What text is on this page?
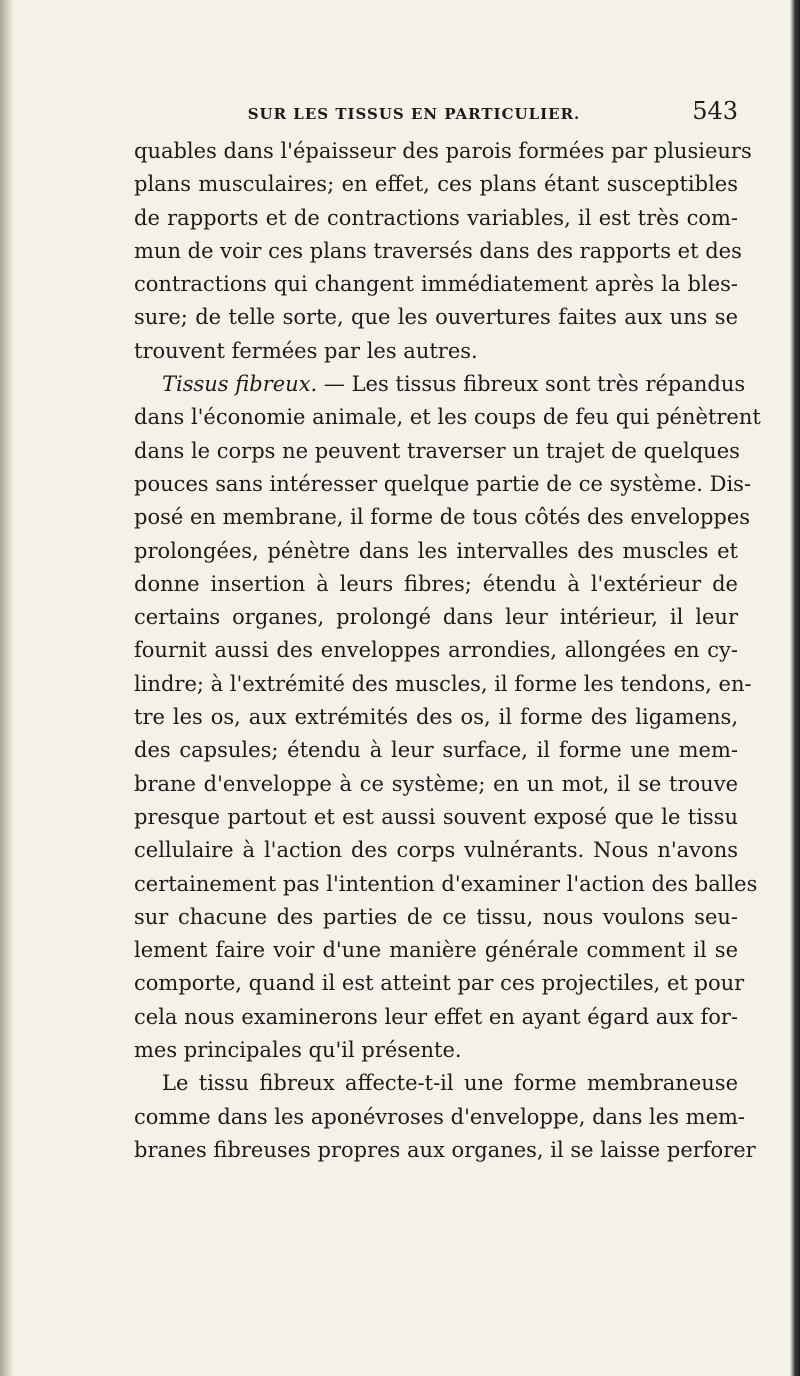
SUR LES TISSUS EN PARTICULIER.	543
quables dans l'épaisseur des parois formées par plusieurs
plans musculaires; en effet, ces plans étant susceptibles
de rapports et de contractions variables, il est très com-
mun de voir ces plans traversés dans des rapports et des
contractions qui changent immédiatement après la bles-
sure; de telle sorte, que les ouvertures faites aux uns se
trouvent fermées par les autres.
Tissus fibreux. — Les tissus fibreux sont très répandus
dans l'économie animale, et les coups de feu qui pénètrent
dans le corps ne peuvent traverser un trajet de quelques
pouces sans intéresser quelque partie de ce système. Dis-
posé en membrane, il forme de tous côtés des enveloppes
prolongées, pénètre dans les intervalles des muscles et
donne insertion à leurs fibres; étendu à l'extérieur de
certains organes, prolongé dans leur intérieur, il leur
fournit aussi des enveloppes arrondies, allongées en cy-
lindre; à l'extrémité des muscles, il forme les tendons, en-
tre les os, aux extrémités des os, il forme des ligamens,
des capsules; étendu à leur surface, il forme une mem-
brane d'enveloppe à ce système; en un mot, il se trouve
presque partout et est aussi souvent exposé que le tissu
cellulaire à l'action des corps vulnérants. Nous n'avons
certainement pas l'intention d'examiner l'action des balles
sur chacune des parties de ce tissu, nous voulons seu-
lement faire voir d'une manière générale comment il se
comporte, quand il est atteint par ces projectiles, et pour
cela nous examinerons leur effet en ayant égard aux for-
mes principales qu'il présente.
Le tissu fibreux affecte-t-il une forme membraneuse
comme dans les aponévroses d'enveloppe, dans les mem-
branes fibreuses propres aux organes, il se laisse perforer
